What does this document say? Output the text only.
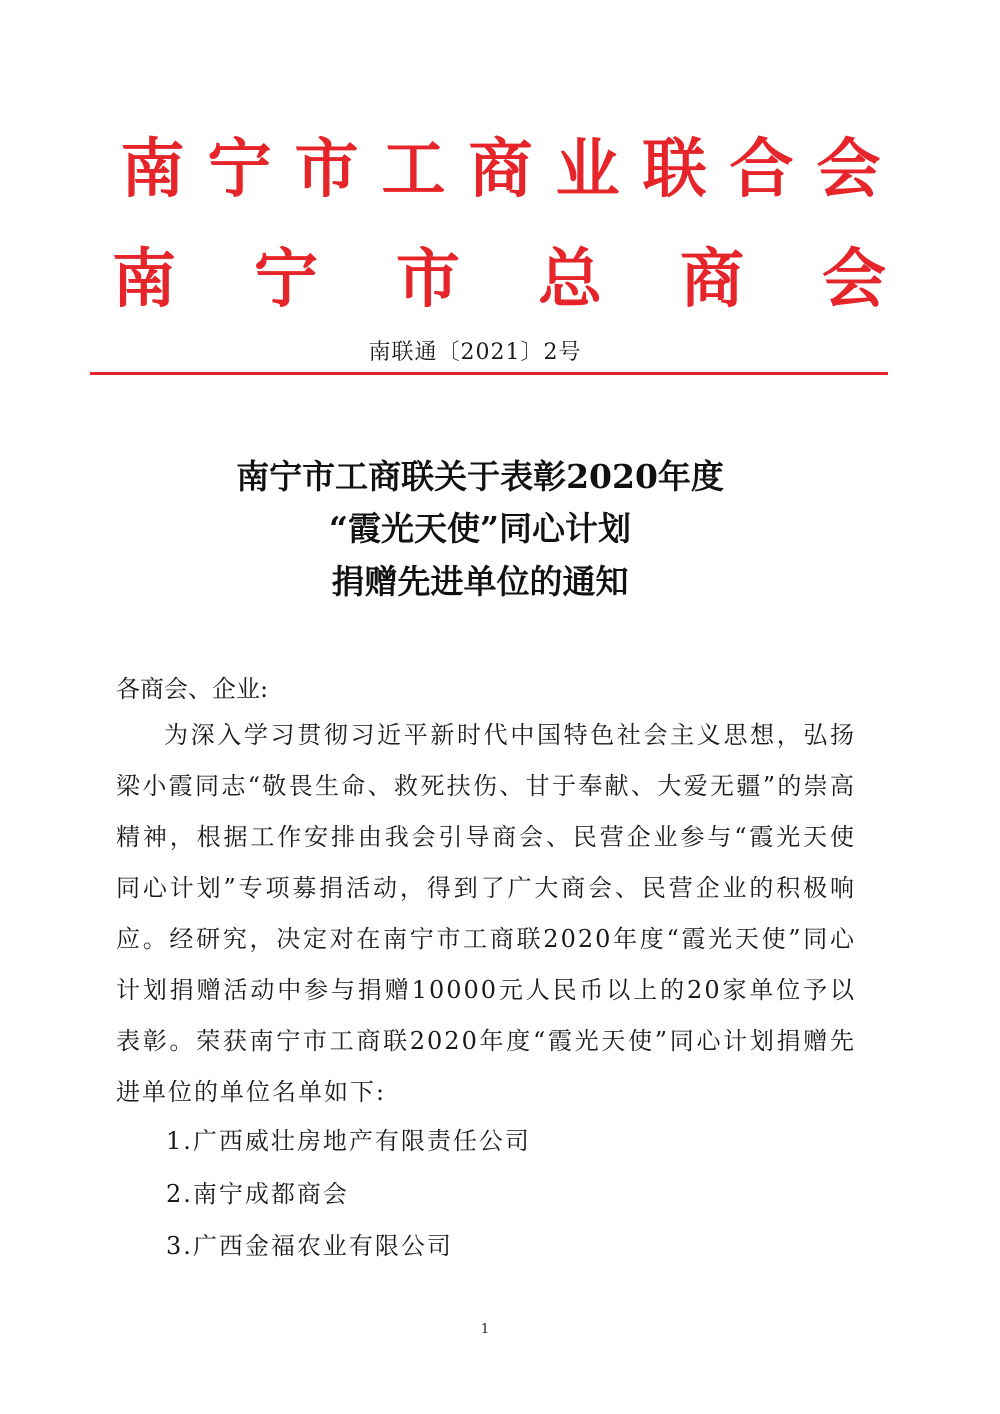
南宁市工商业联合会
南宁市总商会
南联通〔2021〕2号
南宁市工商联关于表彰2020年度
“霞光天使”同心计划
捐赠先进单位的通知
各商会、企业:
为深入学习贯彻习近平新时代中国特色社会主义思想，弘扬梁小霞同志“敬畏生命、救死扶伤、甘于奉献、大爱无疆”的崇高精神，根据工作安排由我会引导商会、民营企业参与“霞光天使同心计划”专项募捐活动，得到了广大商会、民营企业的积极响应。经研究，决定对在南宁市工商联2020年度“霞光天使”同心计划捐赠活动中参与捐赠10000元人民币以上的20家单位予以表彰。荣获南宁市工商联2020年度“霞光天使”同心计划捐赠先进单位的单位名单如下:
1.广西威壮房地产有限责任公司
2.南宁成都商会
3.广西金福农业有限公司
1
